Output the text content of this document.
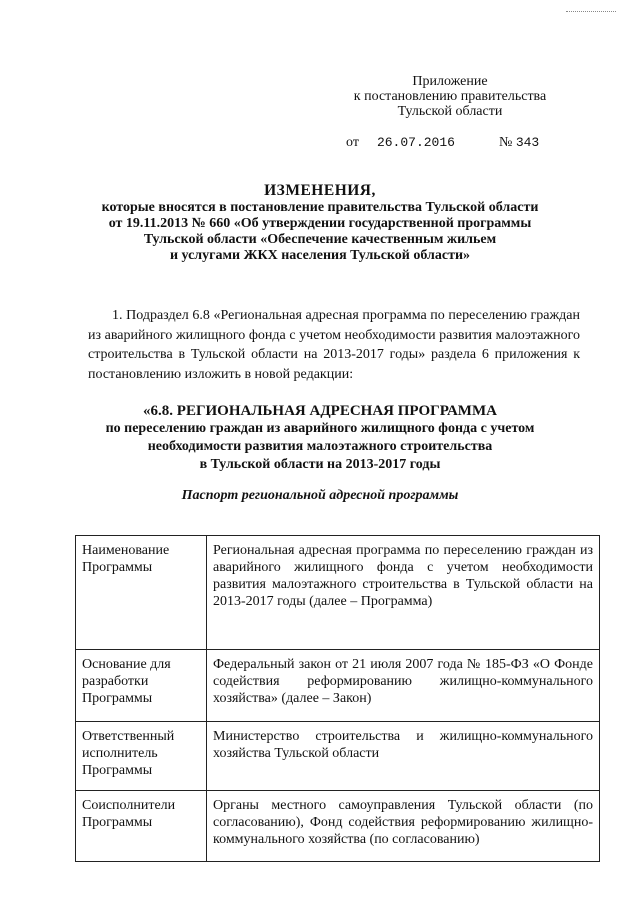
Приложение
к постановлению правительства
Тульской области
от 26.07.2016	№ 343
ИЗМЕНЕНИЯ,
которые вносятся в постановление правительства Тульской области
от 19.11.2013 № 660 «Об утверждении государственной программы
Тульской области «Обеспечение качественным жильем
и услугами ЖКХ населения Тульской области»
1. Подраздел 6.8 «Региональная адресная программа по переселению граждан из аварийного жилищного фонда с учетом необходимости развития малоэтажного строительства в Тульской области на 2013-2017 годы» раздела 6 приложения к постановлению изложить в новой редакции:
«6.8. РЕГИОНАЛЬНАЯ АДРЕСНАЯ ПРОГРАММА
по переселению граждан из аварийного жилищного фонда с учетом
необходимости развития малоэтажного строительства
в Тульской области на 2013-2017 годы
Паспорт региональной адресной программы
Наименование Программы	Региональная адресная программа по переселению граждан из аварийного жилищного фонда с учетом необходимости развития малоэтажного строительства в Тульской области на 2013-2017 годы (далее – Программа)
Основание для разработки Программы	Федеральный закон от 21 июля 2007 года № 185-ФЗ «О Фонде содействия реформированию жилищно-коммунального хозяйства» (далее – Закон)
Ответственный исполнитель Программы	Министерство строительства и жилищно-коммунального хозяйства Тульской области
Соисполнители Программы	Органы местного самоуправления Тульской области (по согласованию), Фонд содействия реформированию жилищно-коммунального хозяйства (по согласованию)
